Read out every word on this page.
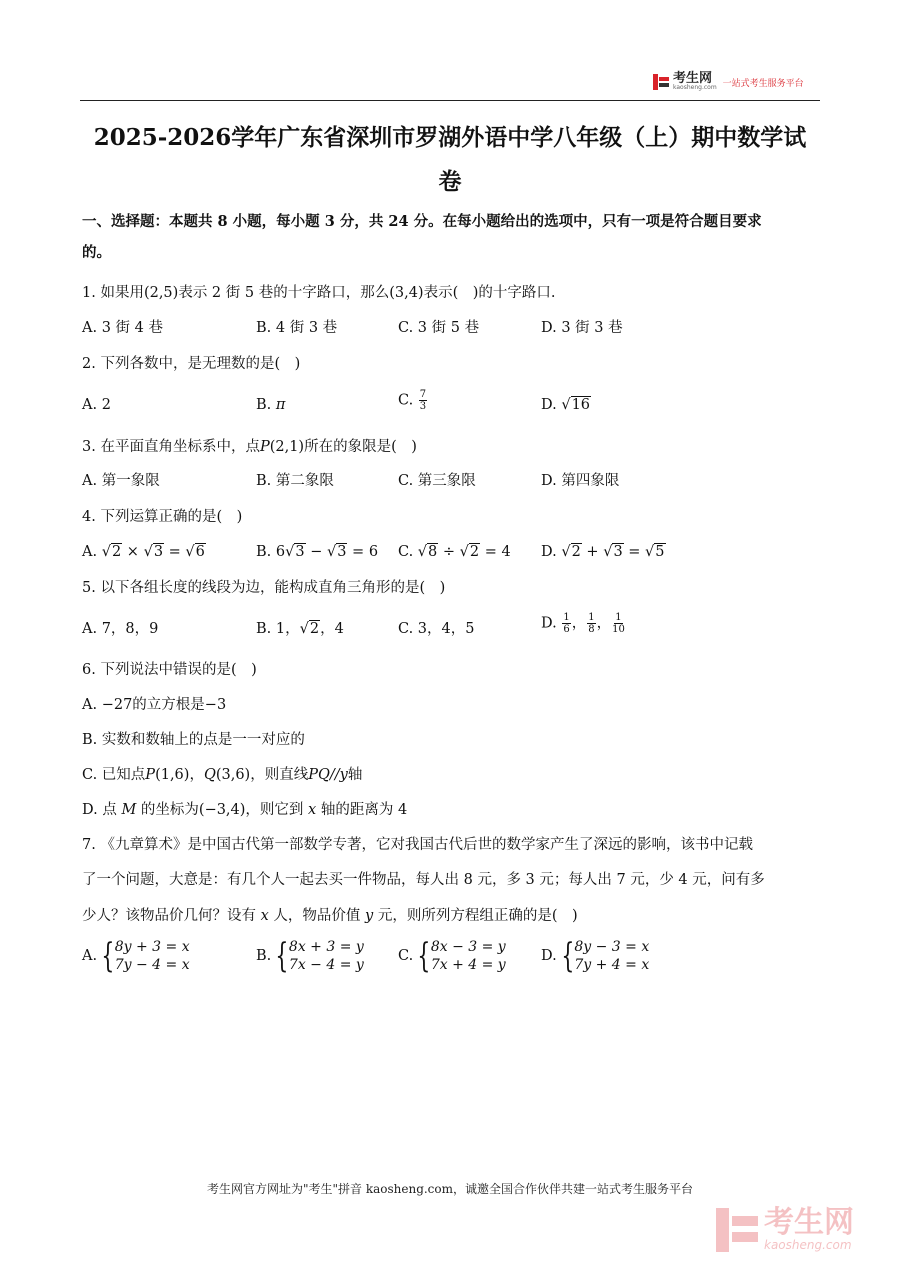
考生网
kaosheng.com 一站式考生服务平台
2025-2026学年广东省深圳市罗湖外语中学八年级（上）期中数学试
卷
一、选择题：本题共 8 小题，每小题 3 分，共 24 分。在每小题给出的选项中，只有一项是符合题目要求
的。
1. 如果用(2,5)表示 2 街 5 巷的十字路口，那么(3,4)表示(　)的十字路口.
A. 3 街 4 巷	B. 4 街 3 巷	C. 3 街 5 巷	D. 3 街 3 巷
2. 下列各数中，是无理数的是(　)
A. 2	B. π	C. $\frac{7}{3}$	D. √16
3. 在平面直角坐标系中，点P(2,1)所在的象限是(　)
A. 第一象限	B. 第二象限	C. 第三象限	D. 第四象限
4. 下列运算正确的是(　)
A. √2 × √3 = √6	B. 6√3 − √3 = 6 C. √8 ÷ √2 = 4 D. √2 + √3 = √5
5. 以下各组长度的线段为边，能构成直角三角形的是(　)
A. 7，8，9	B. 1，√2，4	C. 3，4，5	D. $\frac{1}{6}$ ， $\frac{1}{8}$ ， $\frac{1}{10}$
6. 下列说法中错误的是(　)
A. −27的立方根是−3
B. 实数和数轴上的点是一一对应的
C. 已知点P(1,6)，Q(3,6)，则直线PQ//y轴
D. 点 M 的坐标为(−3,4)，则它到 x 轴的距离为 4
7. 《九章算术》是中国古代第一部数学专著，它对我国古代后世的数学家产生了深远的影响，该书中记载
了一个问题，大意是：有几个人一起去买一件物品，每人出 8 元，多 3 元；每人出 7 元，少 4 元，问有多
少人？该物品价几何？设有 x 人，物品价值 y 元，则所列方程组正确的是(　)
A. { 8y + 3 = x
7y − 4 = x
B. { 8x + 3 = y
7x − 4 = y
C. { 8x − 3 = y
7x + 4 = y
D. { 8y − 3 = x
7y + 4 = x
考生网官方网址为"考生"拼音 kaosheng.com，诚邀全国合作伙伴共建一站式考生服务平台
考生网
kaosheng.com
